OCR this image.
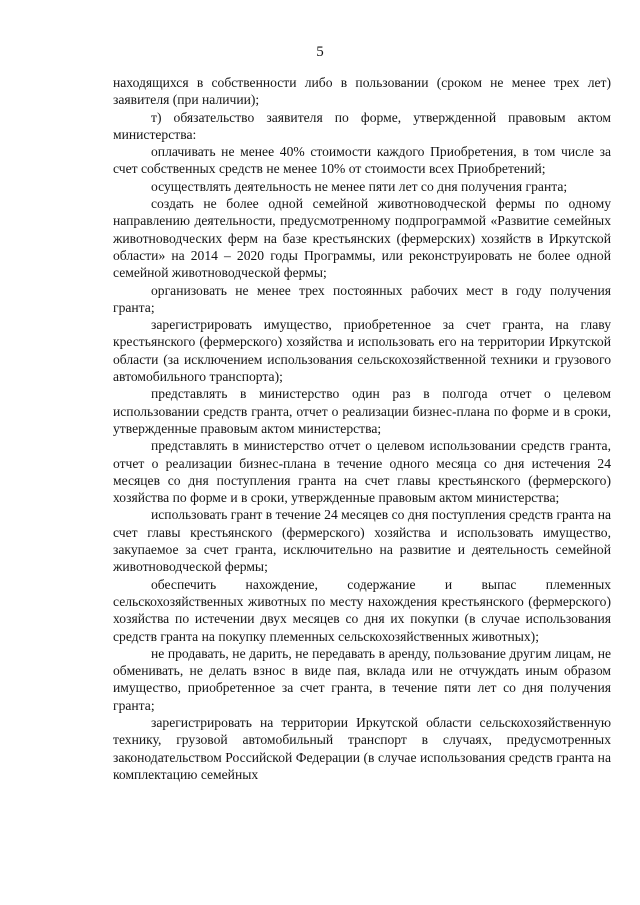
5

находящихся в собственности либо в пользовании (сроком не менее трех лет) заявителя (при наличии);

т) обязательство заявителя по форме, утвержденной правовым актом министерства:

оплачивать не менее 40% стоимости каждого Приобретения, в том числе за счет собственных средств не менее 10% от стоимости всех Приобретений;

осуществлять деятельность не менее пяти лет со дня получения гранта;

создать не более одной семейной животноводческой фермы по одному направлению деятельности, предусмотренному подпрограммой «Развитие семейных животноводческих ферм на базе крестьянских (фермерских) хозяйств в Иркутской области» на 2014 – 2020 годы Программы, или реконструировать не более одной семейной животноводческой фермы;

организовать не менее трех постоянных рабочих мест в году получения гранта;

зарегистрировать имущество, приобретенное за счет гранта, на главу крестьянского (фермерского) хозяйства и использовать его на территории Иркутской области (за исключением использования сельскохозяйственной техники и грузового автомобильного транспорта);

представлять в министерство один раз в полгода отчет о целевом использовании средств гранта, отчет о реализации бизнес-плана по форме и в сроки, утвержденные правовым актом министерства;

представлять в министерство отчет о целевом использовании средств гранта, отчет о реализации бизнес-плана в течение одного месяца со дня истечения 24 месяцев со дня поступления гранта на счет главы крестьянского (фермерского) хозяйства по форме и в сроки, утвержденные правовым актом министерства;

использовать грант в течение 24 месяцев со дня поступления средств гранта на счет главы крестьянского (фермерского) хозяйства и использовать имущество, закупаемое за счет гранта, исключительно на развитие и деятельность семейной животноводческой фермы;

обеспечить нахождение, содержание и выпас племенных сельскохозяйственных животных по месту нахождения крестьянского (фермерского) хозяйства по истечении двух месяцев со дня их покупки (в случае использования средств гранта на покупку племенных сельскохозяйственных животных);

не продавать, не дарить, не передавать в аренду, пользование другим лицам, не обменивать, не делать взнос в виде пая, вклада или не отчуждать иным образом имущество, приобретенное за счет гранта, в течение пяти лет со дня получения гранта;

зарегистрировать на территории Иркутской области сельскохозяйственную технику, грузовой автомобильный транспорт в случаях, предусмотренных законодательством Российской Федерации (в случае использования средств гранта на комплектацию семейных
